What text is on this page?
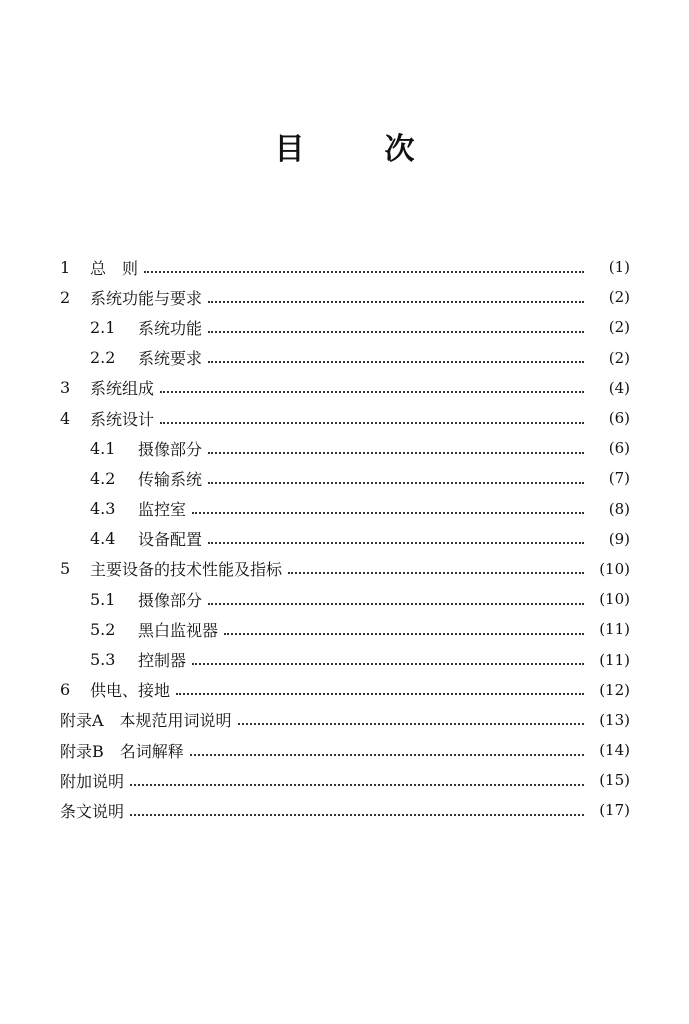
目	次
1	总　则	(1)
2	系统功能与要求	(2)
2.1	系统功能	(2)
2.2	系统要求	(2)
3	系统组成	(4)
4	系统设计	(6)
4.1	摄像部分	(6)
4.2	传输系统	(7)
4.3	监控室	(8)
4.4	设备配置	(9)
5	主要设备的技术性能及指标	(10)
5.1	摄像部分	(10)
5.2	黑白监视器	(11)
5.3	控制器	(11)
6	供电、接地	(12)
附录A　本规范用词说明	(13)
附录B　名词解释	(14)
附加说明	(15)
条文说明	(17)
